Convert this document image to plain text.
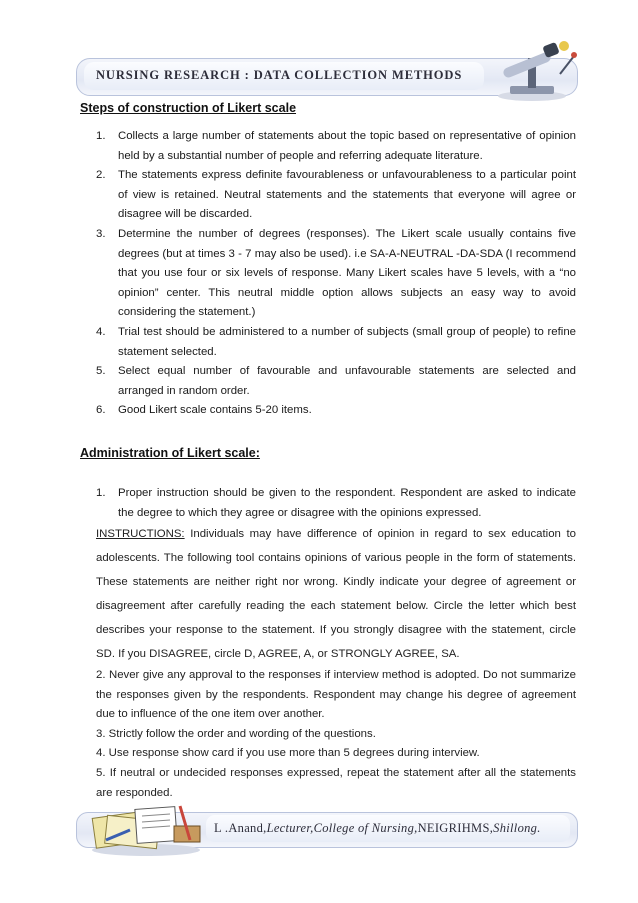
NURSING RESEARCH : DATA COLLECTION METHODS
Steps of construction of Likert scale
1. Collects a large number of statements about the topic based on representative of opinion held by a substantial number of people and referring adequate literature.
2. The statements express definite favourableness or unfavourableness to a particular point of view is retained. Neutral statements and the statements that everyone will agree or disagree will be discarded.
3. Determine the number of degrees (responses). The Likert scale usually contains five degrees (but at times 3 - 7 may also be used). i.e SA-A-NEUTRAL -DA-SDA (I recommend that you use four or six levels of response. Many Likert scales have 5 levels, with a “no opinion” center. This neutral middle option allows subjects an easy way to avoid considering the statement.)
4. Trial test should be administered to a number of subjects (small group of people) to refine statement selected.
5. Select equal number of favourable and unfavourable statements are selected and arranged in random order.
6. Good Likert scale contains 5-20 items.
Administration of Likert scale:
1. Proper instruction should be given to the respondent. Respondent are asked to indicate the degree to which they agree or disagree with the opinions expressed.
INSTRUCTIONS: Individuals may have difference of opinion in regard to sex education to adolescents. The following tool contains opinions of various people in the form of statements. These statements are neither right nor wrong. Kindly indicate your degree of agreement or disagreement after carefully reading the each statement below. Circle the letter which best describes your response to the statement. If you strongly disagree with the statement, circle SD. If you DISAGREE, circle D, AGREE, A, or STRONGLY AGREE, SA.
2. Never give any approval to the responses if interview method is adopted. Do not summarize the responses given by the respondents. Respondent may change his degree of agreement due to influence of the one item over another.
3. Strictly follow the order and wording of the questions.
4. Use response show card if you use more than 5 degrees during interview.
5. If neutral or undecided responses expressed, repeat the statement after all the statements are responded.
L .Anand,Lecturer,College of Nursing,NEIGRIHMS,Shillong.
